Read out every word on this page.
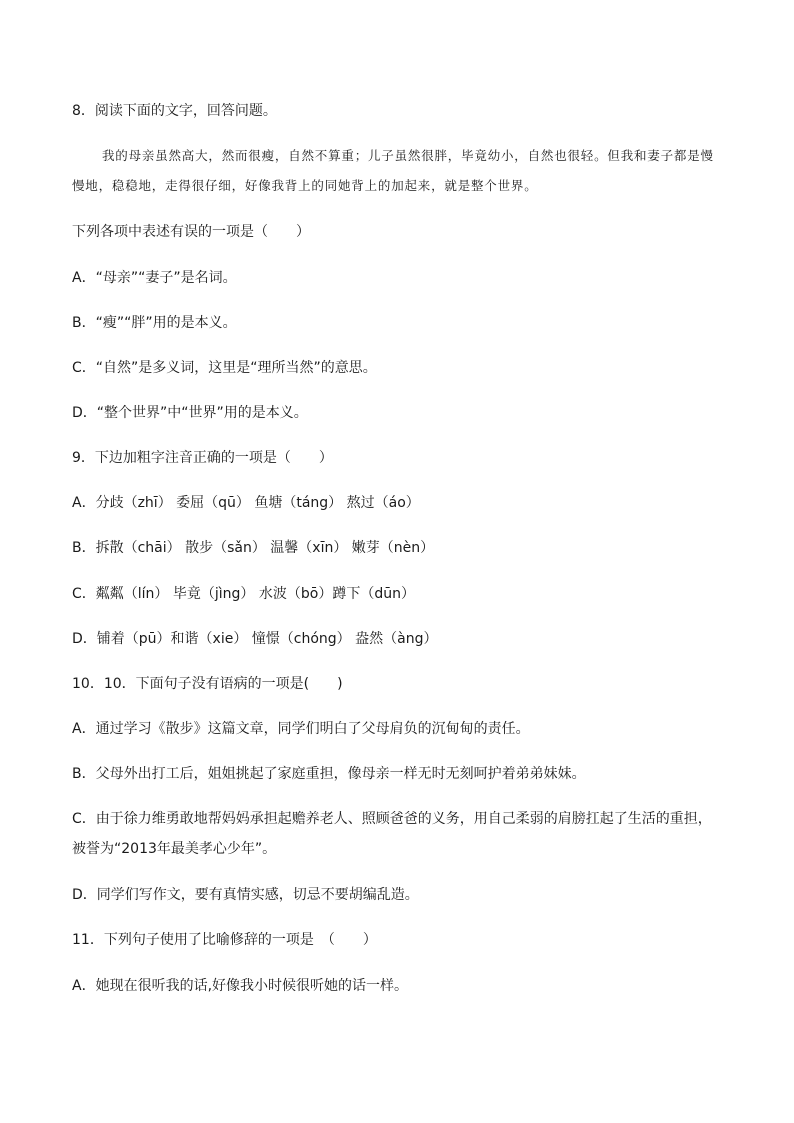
8．阅读下面的文字，回答问题。
我的母亲虽然高大，然而很瘦，自然不算重；儿子虽然很胖，毕竟幼小，自然也很轻。但我和妻子都是慢慢地，稳稳地，走得很仔细，好像我背上的同她背上的加起来，就是整个世界。
下列各项中表述有误的一项是（　　）
A．“母亲”“妻子”是名词。
B．“瘦”“胖”用的是本义。
C．“自然”是多义词，这里是“理所当然”的意思。
D．“整个世界”中“世界”用的是本义。
9．下边加粗字注音正确的一项是（　　）
A．分歧（zhī） 委屈（qū） 鱼塘（táng） 熬过（áo）
B．拆散（chāi） 散步（sǎn） 温馨（xīn） 嫩芽（nèn）
C．粼粼（lín） 毕竟（jìng） 水波（bō）蹲下（dūn）
D．铺着（pū）和谐（xie） 憧憬（chóng） 盎然（àng）
10．10．下面句子没有语病的一项是(　　)
A．通过学习《散步》这篇文章，同学们明白了父母肩负的沉甸甸的责任。
B．父母外出打工后，姐姐挑起了家庭重担，像母亲一样无时无刻呵护着弟弟妹妹。
C．由于徐力维勇敢地帮妈妈承担起赡养老人、照顾爸爸的义务，用自己柔弱的肩膀扛起了生活的重担，被誉为“2013年最美孝心少年”。
D．同学们写作文，要有真情实感，切忌不要胡编乱造。
11．下列句子使用了比喻修辞的一项是　（　　）
A．她现在很听我的话,好像我小时候很听她的话一样。
